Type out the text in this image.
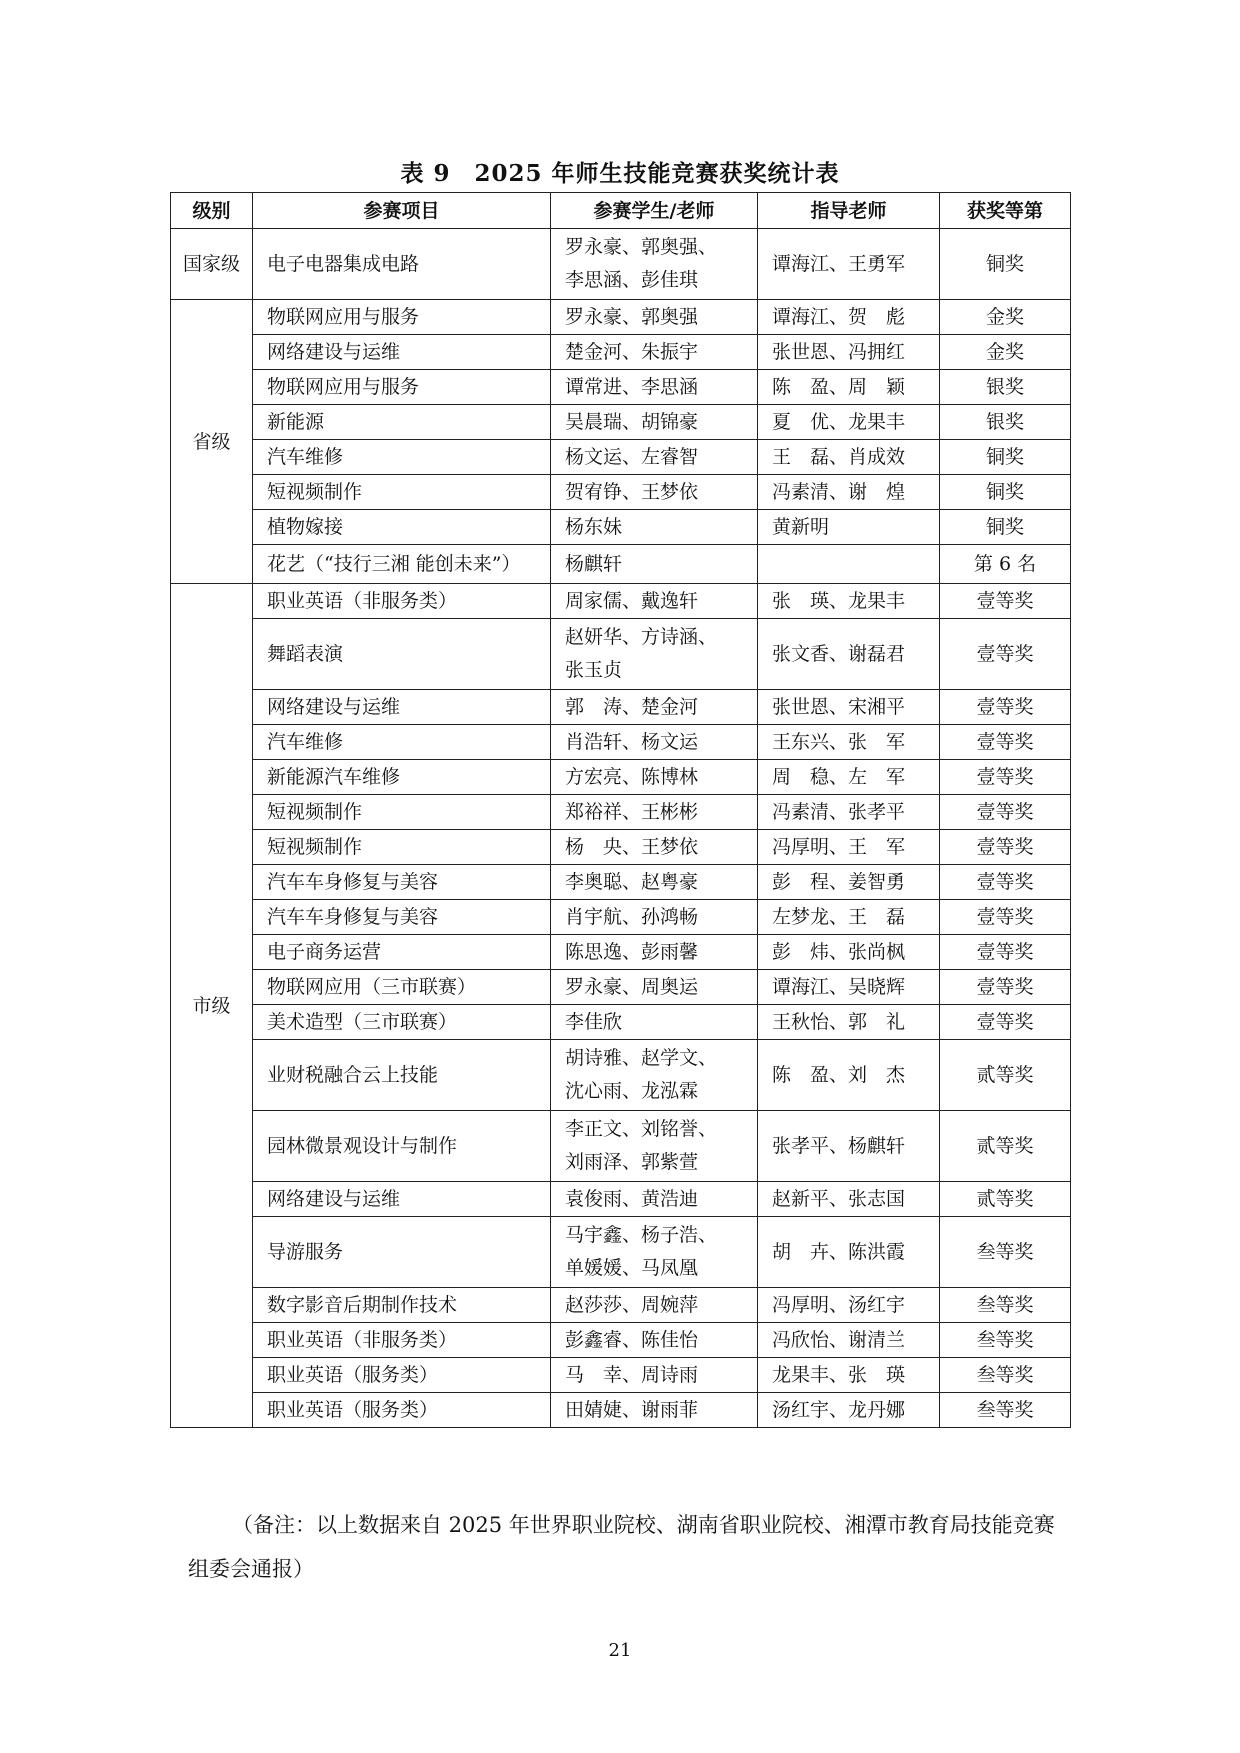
表 9　2025 年师生技能竞赛获奖统计表
级别	参赛项目	参赛学生/老师	指导老师	获奖等第
国家级	电子电器集成电路	罗永豪、郭奥强、
李思涵、彭佳琪	谭海江、王勇军	铜奖
省级	物联网应用与服务	罗永豪、郭奥强	谭海江、贺　彪	金奖
	网络建设与运维	楚金河、朱振宇	张世恩、冯拥红	金奖
	物联网应用与服务	谭常进、李思涵	陈　盈、周　颖	银奖
	新能源	吴晨瑞、胡锦豪	夏　优、龙果丰	银奖
	汽车维修	杨文运、左睿智	王　磊、肖成效	铜奖
	短视频制作	贺宥铮、王梦依	冯素清、谢　煌	铜奖
	植物嫁接	杨东妹	黄新明	铜奖
	花艺（“技行三湘 能创未来”）	杨麒轩		第 6 名
市级	职业英语（非服务类）	周家儒、戴逸轩	张　瑛、龙果丰	壹等奖
	舞蹈表演	赵妍华、方诗涵、
张玉贞	张文香、谢磊君	壹等奖
	网络建设与运维	郭　涛、楚金河	张世恩、宋湘平	壹等奖
	汽车维修	肖浩轩、杨文运	王东兴、张　军	壹等奖
	新能源汽车维修	方宏亮、陈博林	周　稳、左　军	壹等奖
	短视频制作	郑裕祥、王彬彬	冯素清、张孝平	壹等奖
	短视频制作	杨　央、王梦依	冯厚明、王　军	壹等奖
	汽车车身修复与美容	李奥聪、赵粤豪	彭　程、姜智勇	壹等奖
	汽车车身修复与美容	肖宇航、孙鸿畅	左梦龙、王　磊	壹等奖
	电子商务运营	陈思逸、彭雨馨	彭　炜、张尚枫	壹等奖
	物联网应用（三市联赛）	罗永豪、周奥运	谭海江、吴晓辉	壹等奖
	美术造型（三市联赛）	李佳欣	王秋怡、郭　礼	壹等奖
	业财税融合云上技能	胡诗雅、赵学文、
沈心雨、龙泓霖	陈　盈、刘　杰	贰等奖
	园林微景观设计与制作	李正文、刘铭誉、
刘雨泽、郭紫萱	张孝平、杨麒轩	贰等奖
	网络建设与运维	袁俊雨、黄浩迪	赵新平、张志国	贰等奖
	导游服务	马宇鑫、杨子浩、
单媛媛、马凤凰	胡　卉、陈洪霞	叁等奖
	数字影音后期制作技术	赵莎莎、周婉萍	冯厚明、汤红宇	叁等奖
	职业英语（非服务类）	彭鑫睿、陈佳怡	冯欣怡、谢清兰	叁等奖
	职业英语（服务类）	马　幸、周诗雨	龙果丰、张　瑛	叁等奖
	职业英语（服务类）	田婧婕、谢雨菲	汤红宇、龙丹娜	叁等奖
（备注：以上数据来自 2025 年世界职业院校、湖南省职业院校、湘潭市教育局技能竞赛组委会通报）
21
